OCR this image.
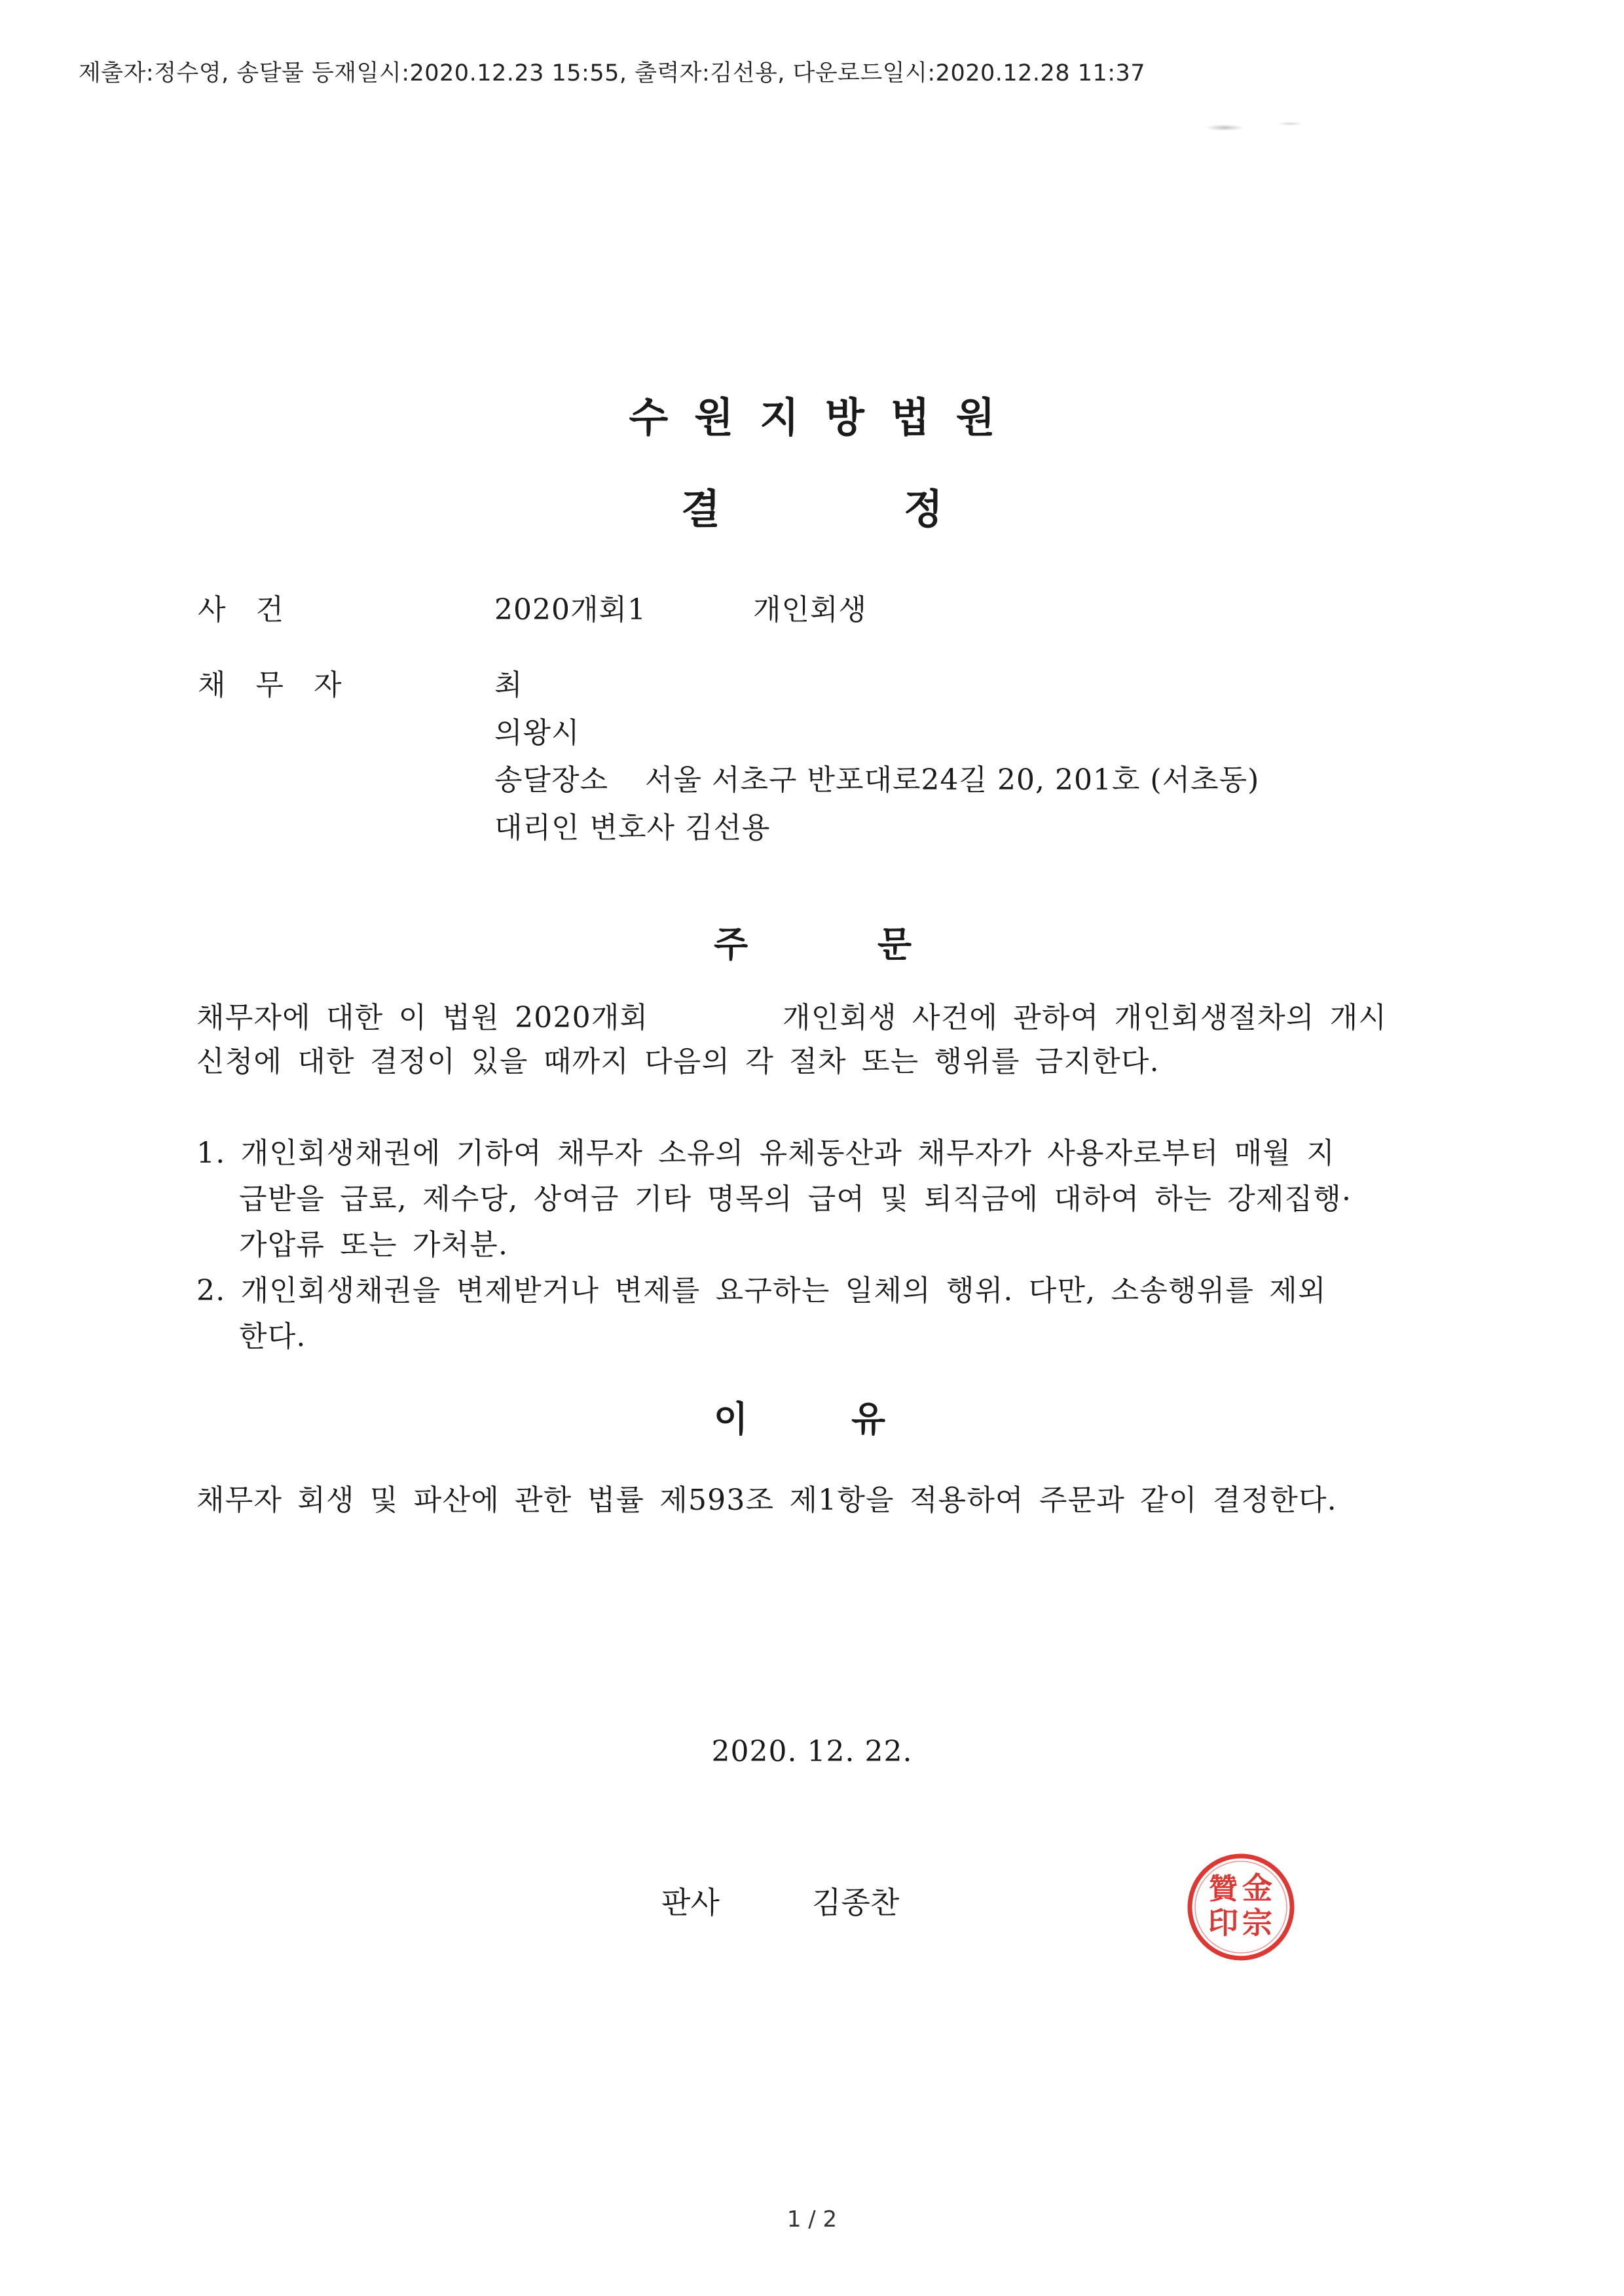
제출자:정수영, 송달물 등재일시:2020.12.23 15:55, 출력자:김선용, 다운로드일시:2020.12.28 11:37
수원지방법원
결	정
사건	2020개회1	개인회생
채무자	최
의왕시
송달장소 서울 서초구 반포대로24길 20, 201호 (서초동)
대리인 변호사 김선용
주	문
채무자에 대한 이 법원 2020개회	개인회생 사건에 관하여 개인회생절차의 개시
신청에 대한 결정이 있을 때까지 다음의 각 절차 또는 행위를 금지한다.
1. 개인회생채권에 기하여 채무자 소유의 유체동산과 채무자가 사용자로부터 매월 지
급받을 급료, 제수당, 상여금 기타 명목의 급여 및 퇴직금에 대하여 하는 강제집행·
가압류 또는 가처분.
2. 개인회생채권을 변제받거나 변제를 요구하는 일체의 행위. 다만, 소송행위를 제외
한다.
이	유
채무자 회생 및 파산에 관한 법률 제593조 제1항을 적용하여 주문과 같이 결정한다.
2020. 12. 22.
판사	김종찬	金
宗
贊
印
1 / 2
